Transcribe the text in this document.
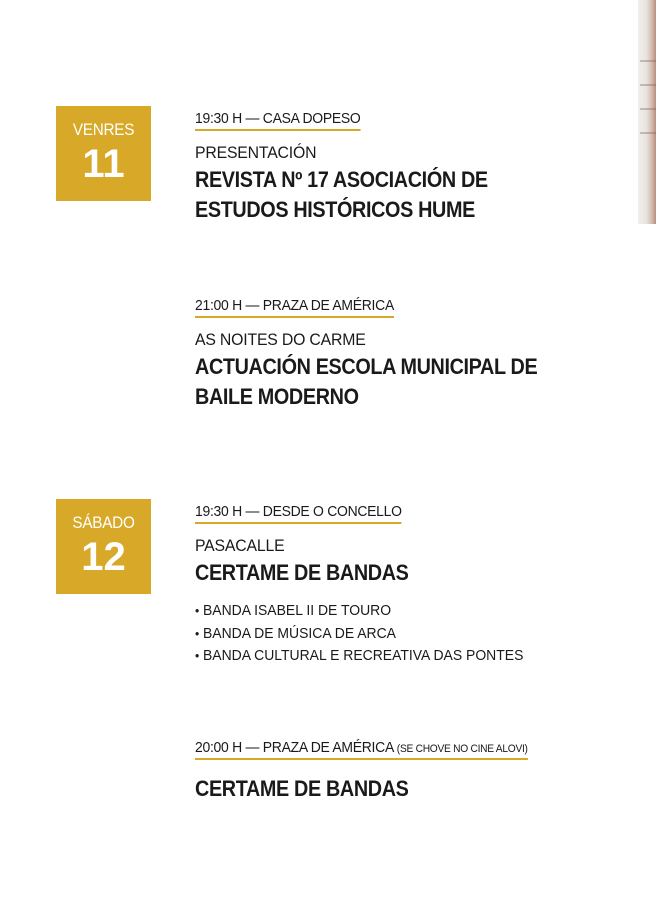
VENRES
11
19:30 H — CASA DOPESO
PRESENTACIÓN
REVISTA Nº 17 ASOCIACIÓN DE ESTUDOS HISTÓRICOS HUME
21:00 H — PRAZA DE AMÉRICA
AS NOITES DO CARME
ACTUACIÓN ESCOLA MUNICIPAL DE BAILE MODERNO
SÁBADO
12
19:30 H — DESDE O CONCELLO
PASACALLE
CERTAME DE BANDAS
• BANDA ISABEL II DE TOURO
• BANDA DE MÚSICA DE ARCA
• BANDA CULTURAL E RECREATIVA DAS PONTES
20:00 H — PRAZA DE AMÉRICA (SE CHOVE NO CINE ALOVI)
CERTAME DE BANDAS
